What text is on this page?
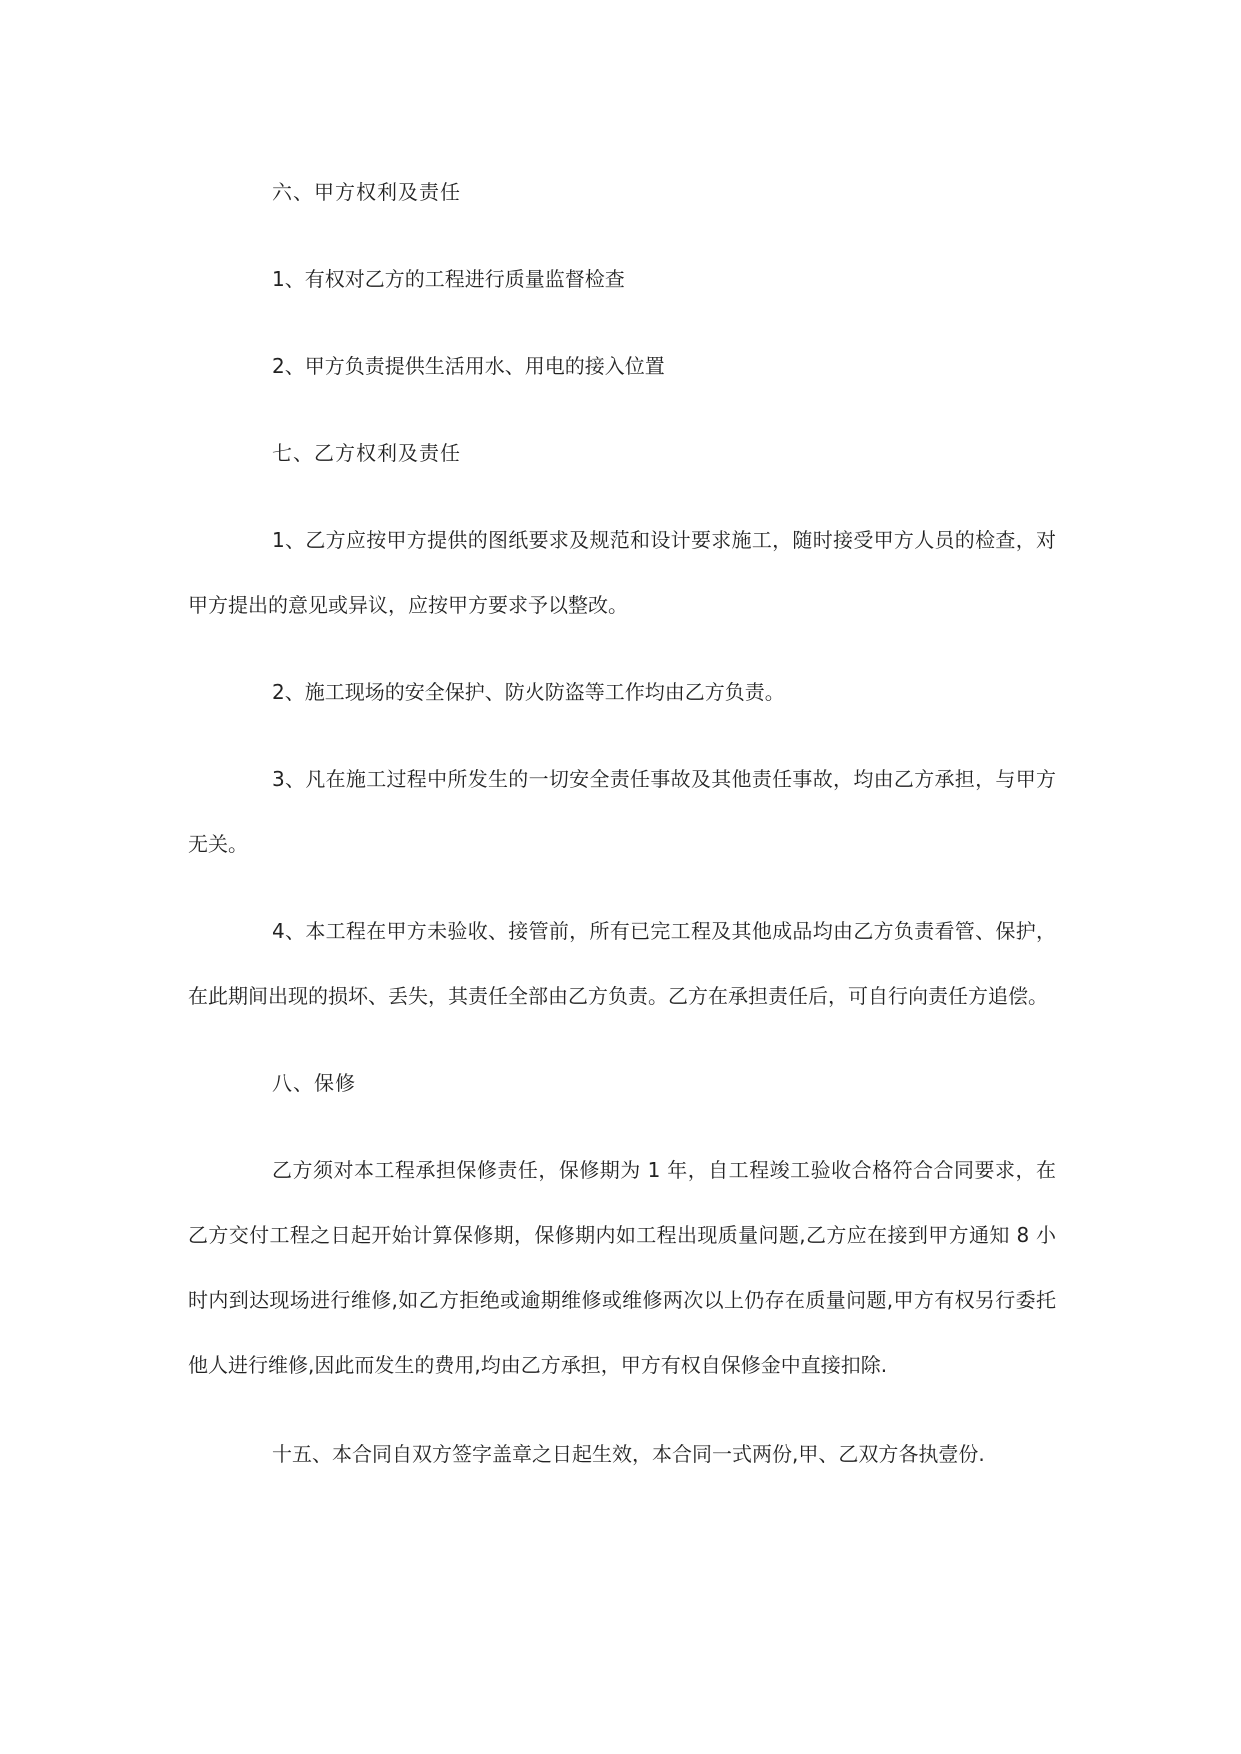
六、甲方权利及责任

1、有权对乙方的工程进行质量监督检查

2、甲方负责提供生活用水、用电的接入位置

七、乙方权利及责任

1、乙方应按甲方提供的图纸要求及规范和设计要求施工，随时接受甲方人员的检查，对甲方提出的意见或异议，应按甲方要求予以整改。

2、施工现场的安全保护、防火防盗等工作均由乙方负责。

3、凡在施工过程中所发生的一切安全责任事故及其他责任事故，均由乙方承担，与甲方无关。

4、本工程在甲方未验收、接管前，所有已完工程及其他成品均由乙方负责看管、保护，在此期间出现的损坏、丢失，其责任全部由乙方负责。乙方在承担责任后，可自行向责任方追偿。

八、保修

乙方须对本工程承担保修责任，保修期为 1 年，自工程竣工验收合格符合合同要求，在乙方交付工程之日起开始计算保修期，保修期内如工程出现质量问题,乙方应在接到甲方通知 8 小时内到达现场进行维修,如乙方拒绝或逾期维修或维修两次以上仍存在质量问题,甲方有权另行委托他人进行维修,因此而发生的费用,均由乙方承担，甲方有权自保修金中直接扣除.

十五、本合同自双方签字盖章之日起生效，本合同一式两份,甲、乙双方各执壹份.
